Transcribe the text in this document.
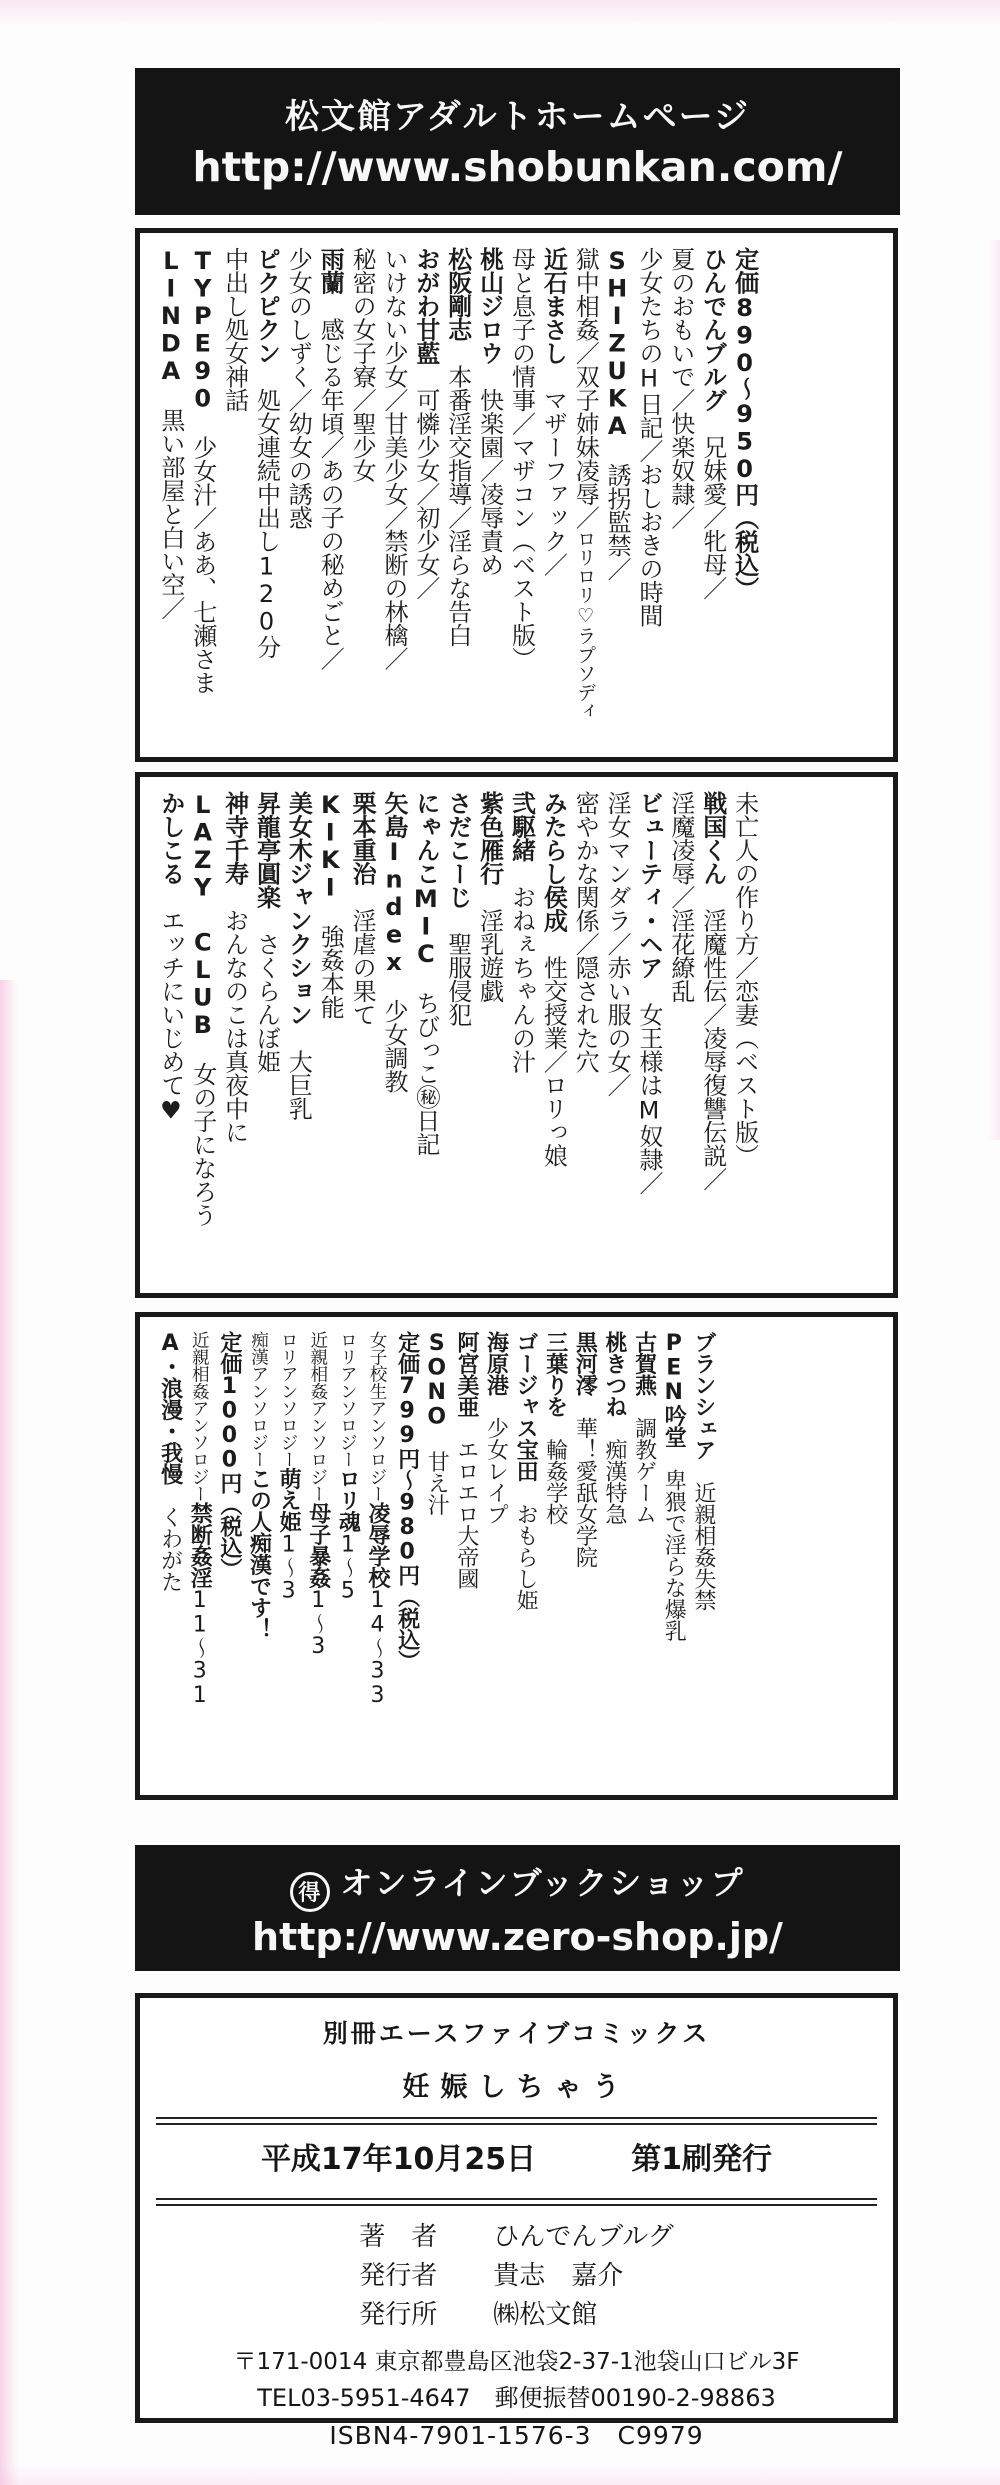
松文館アダルトホームページ
http://www.shobunkan.com/
定価890〜950円（税込）
ひんでんブルグ　兄妹愛／牝母／
夏のおもいで／快楽奴隷／
少女たちのH日記／おしおきの時間
SHIZUKA　誘拐監禁／
獄中相姦／双子姉妹凌辱／ロリロリ♡ラプソディ
近石まさし　マザーファック／
母と息子の情事／マザコン（ベスト版）
桃山ジロウ　快楽園／凌辱責め
松阪剛志　本番淫交指導／淫らな告白
おがわ甘藍　可憐少女／初少女／
いけない少女／甘美少女／禁断の林檎／
秘密の女子寮／聖少女
雨蘭　感じる年頃／あの子の秘めごと／
少女のしずく／幼女の誘惑
ピクピクン　処女連続中出し120分
中出し処女神話
TYPE90　少女汁／ああ、七瀬さま
LINDA　黒い部屋と白い空／
未亡人の作り方／恋妻（ベスト版）
戦国くん　淫魔性伝／凌辱復讐伝説／
淫魔凌辱／淫花繚乱
ビューティ・ヘア　女王様はM奴隷／
淫女マンダラ／赤い服の女／
密やかな関係／隠された穴
みたらし侯成　性交授業／ロリっ娘
弐駆緒　おねぇちゃんの汁
紫色雁行　淫乳遊戯
さだこーじ　聖服侵犯
にゃんこMIC　ちびっこ㊙日記
矢島Index　少女調教
栗本重治　淫虐の果て
KIKI　強姦本能
美女木ジャンクション　大巨乳
昇龍亭圓楽　さくらんぼ姫
神寺千寿　おんなのこは真夜中に
LAZY CLUB　女の子になろう
かしこる　エッチにいじめて♥
ブランシェア　近親相姦失禁
PEN吟堂　卑猥で淫らな爆乳
古賀燕　調教ゲーム
桃きつね　痴漢特急
黒河澪　華！愛舐女学院
三葉りを　輪姦学校
ゴージャス宝田　おもらし姫
海原港　少女レイプ
阿宮美亜　エロエロ大帝國
SONO　甘え汁
定価799円〜980円（税込）
女子校生アンソロジー凌辱学校14〜33
ロリアンソロジーロリ魂1〜5
近親相姦アンソロジー母子暴姦1〜3
ロリアンソロジー萌え姫1〜3
痴漢アンソロジーこの人痴漢です！
定価1000円（税込）
近親相姦アンソロジー禁断姦淫11〜31
A・浪漫・我慢　くわがた
得 オンラインブックショップ
http://www.zero-shop.jp/
別冊エースファイブコミックス
妊娠しちゃう
平成17年10月25日	第1刷発行
著　者	ひんでんブルグ
発行者	貴志　嘉介
発行所	㈱松文館
〒171-0014 東京都豊島区池袋2-37-1池袋山口ビル3F
TEL03-5951-4647　郵便振替00190-2-98863
ISBN4-7901-1576-3　C9979
